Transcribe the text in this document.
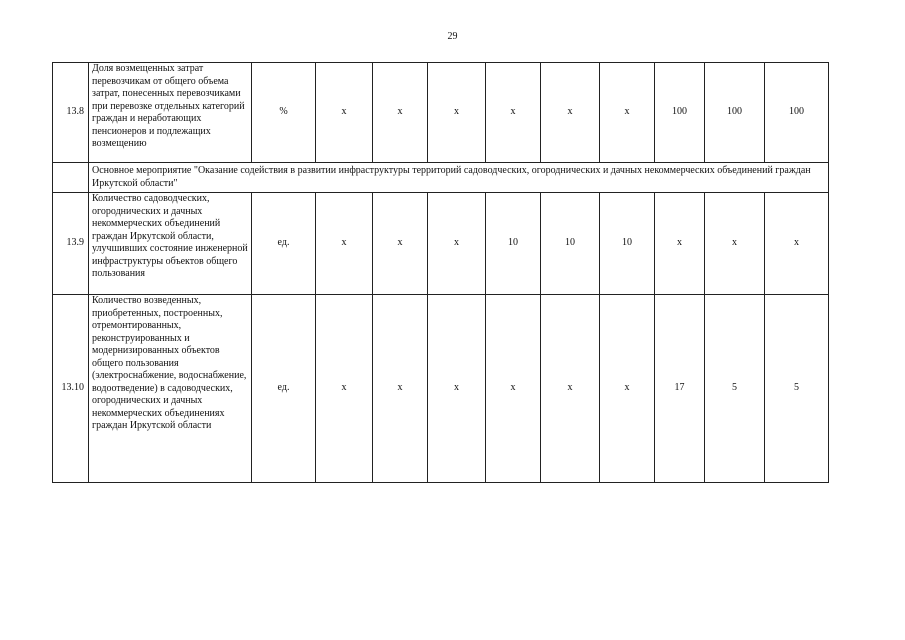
29
13.8	Доля возмещенных затрат перевозчикам от общего объема затрат, понесенных перевозчиками при перевозке отдельных категорий граждан и неработающих пенсионеров и подлежащих возмещению	%	х	х	х	х	х	х	100	100	100
	Основное мероприятие "Оказание содействия в развитии инфраструктуры территорий садоводческих, огороднических и дачных некоммерческих объединений граждан Иркутской области"										
13.9	Количество садоводческих, огороднических и дачных некоммерческих объединений граждан Иркутской области, улучшивших состояние инженерной инфраструктуры объектов общего пользования	ед.	х	х	х	10	10	10	х	х	х
13.10	Количество возведенных, приобретенных, построенных, отремонтированных, реконструированных и модернизированных объектов общего пользования (электроснабжение, водоснабжение, водоотведение) в садоводческих, огороднических и дачных некоммерческих объединениях граждан Иркутской области	ед.	х	х	х	х	х	х	17	5	5
